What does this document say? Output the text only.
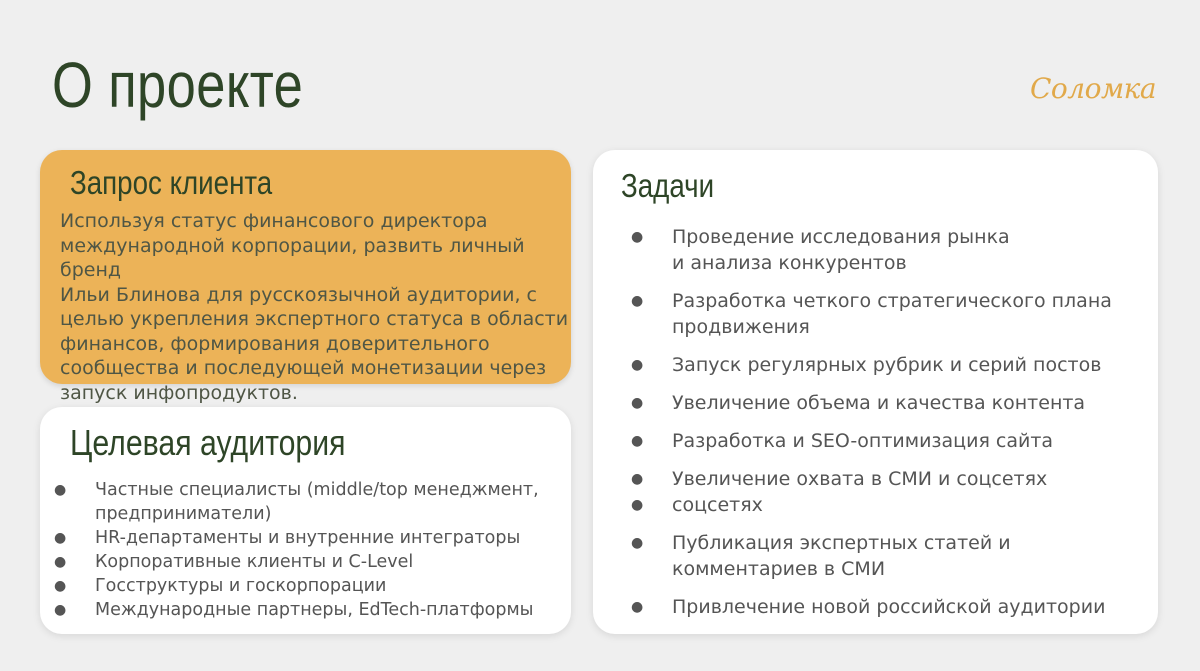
О проекте	Соломка
Запрос клиента

Используя статус финансового директора
международной корпорации, развить личный бренд
Ильи Блинова для русскоязычной аудитории, с
целью укрепления экспертного статуса в области
финансов, формирования доверительного
сообщества и последующей монетизации через
запуск инфопродуктов.

Целевая аудитория
● Частные специалисты (middle/top менеджмент,
предприниматели)
● HR-департаменты и внутренние интеграторы
● Корпоративные клиенты и C-Level
● Госструктуры и госкорпорации
● Международные партнеры, EdTech-платформы
Задачи
● Проведение исследования рынка
и анализа конкурентов
● Разработка четкого стратегического плана
продвижения
● Запуск регулярных рубрик и серий постов
● Увеличение объема и качества контента
● Разработка и SEO-оптимизация сайта
● Увеличение охвата в СМИ и соцсетях
● соцсетях
● Публикация экспертных статей и
комментариев в СМИ
● Привлечение новой российской аудитории
